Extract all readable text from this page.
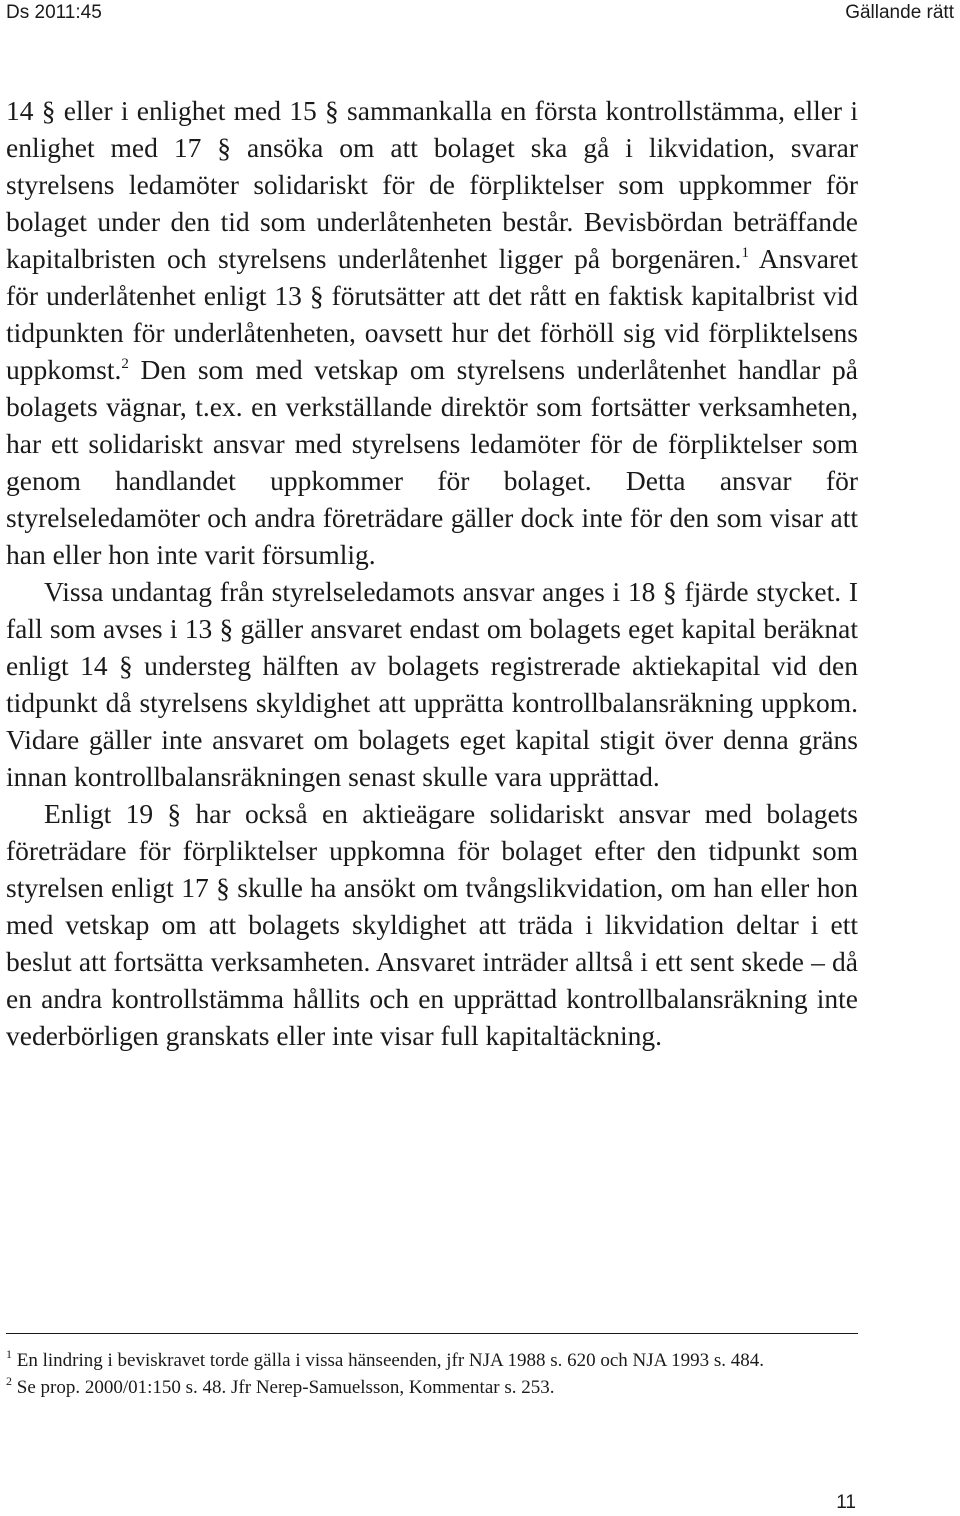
Ds 2011:45	Gällande rätt

14 § eller i enlighet med 15 § sammankalla en första kontrollstämma, eller i enlighet med 17 § ansöka om att bolaget ska gå i likvidation, svarar styrelsens ledamöter solidariskt för de förpliktelser som uppkommer för bolaget under den tid som underlåtenheten består. Bevisbördan beträffande kapitalbristen och styrelsens underlåtenhet ligger på borgenären.$^1$ Ansvaret för underlåtenhet enligt 13 § förutsätter att det rått en faktisk kapitalbrist vid tidpunkten för underlåtenheten, oavsett hur det förhöll sig vid förpliktelsens uppkomst.$^2$ Den som med vetskap om styrelsens underlåtenhet handlar på bolagets vägnar, t.ex. en verkställande direktör som fortsätter verksamheten, har ett solidariskt ansvar med styrelsens ledamöter för de förpliktelser som genom handlandet uppkommer för bolaget. Detta ansvar för styrelseledamöter och andra företrädare gäller dock inte för den som visar att han eller hon inte varit försumlig.

Vissa undantag från styrelseledamots ansvar anges i 18 § fjärde stycket. I fall som avses i 13 § gäller ansvaret endast om bolagets eget kapital beräknat enligt 14 § understeg hälften av bolagets registrerade aktiekapital vid den tidpunkt då styrelsens skyldighet att upprätta kontrollbalansräkning uppkom. Vidare gäller inte ansvaret om bolagets eget kapital stigit över denna gräns innan kontrollbalansräkningen senast skulle vara upprättad.

Enligt 19 § har också en aktieägare solidariskt ansvar med bolagets företrädare för förpliktelser uppkomna för bolaget efter den tidpunkt som styrelsen enligt 17 § skulle ha ansökt om tvångslikvidation, om han eller hon med vetskap om att bolagets skyldighet att träda i likvidation deltar i ett beslut att fortsätta verksamheten. Ansvaret inträder alltså i ett sent skede – då en andra kontrollstämma hållits och en upprättad kontrollbalansräkning inte vederbörligen granskats eller inte visar full kapitaltäckning.

$^1$ En lindring i beviskravet torde gälla i vissa hänseenden, jfr NJA 1988 s. 620 och NJA 1993 s. 484.

$^2$ Se prop. 2000/01:150 s. 48. Jfr Nerep-Samuelsson, Kommentar s. 253.

11
